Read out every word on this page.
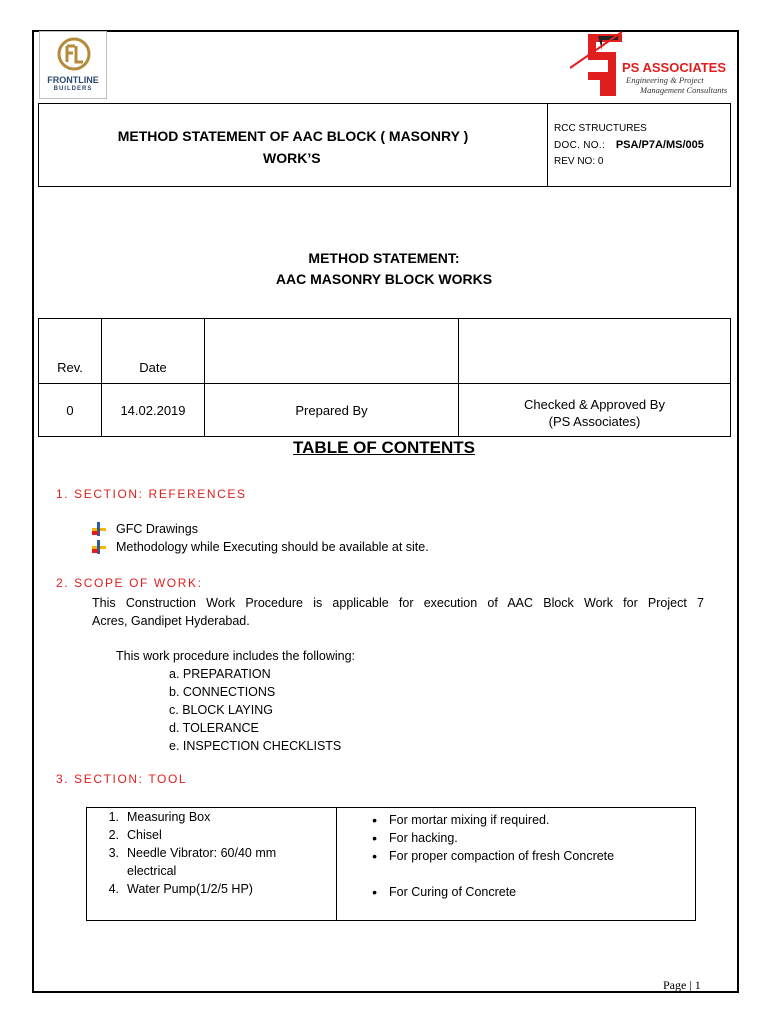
FRONTLINE
BUILDERS
PS ASSOCIATES
Engineering & Project
Management Consultants
METHOD STATEMENT OF AAC BLOCK ( MASONRY )
WORK’S

RCC STRUCTURES
DOC. NO.: PSA/P7A/MS/005
REV NO: 0
METHOD STATEMENT:
AAC MASONRY BLOCK WORKS
Rev.	Date		
0	14.02.2019	Prepared By	Checked & Approved By
(PS Associates)
TABLE OF CONTENTS
1. SECTION: REFERENCES
GFC Drawings
Methodology while Executing should be available at site.
2. SCOPE OF WORK:
This Construction Work Procedure is applicable for execution of AAC Block Work for Project 7
Acres, Gandipet Hyderabad.
This work procedure includes the following:
a. PREPARATION
b. CONNECTIONS
c. BLOCK LAYING
d. TOLERANCE
e. INSPECTION CHECKLISTS
3. SECTION: TOOL
1. Measuring Box
2. Chisel
3. Needle Vibrator: 60/40 mm
electrical
4. Water Pump(1/2/5 HP)

• For mortar mixing if required.
• For hacking.
• For proper compaction of fresh Concrete
• For Curing of Concrete
Page | 1
